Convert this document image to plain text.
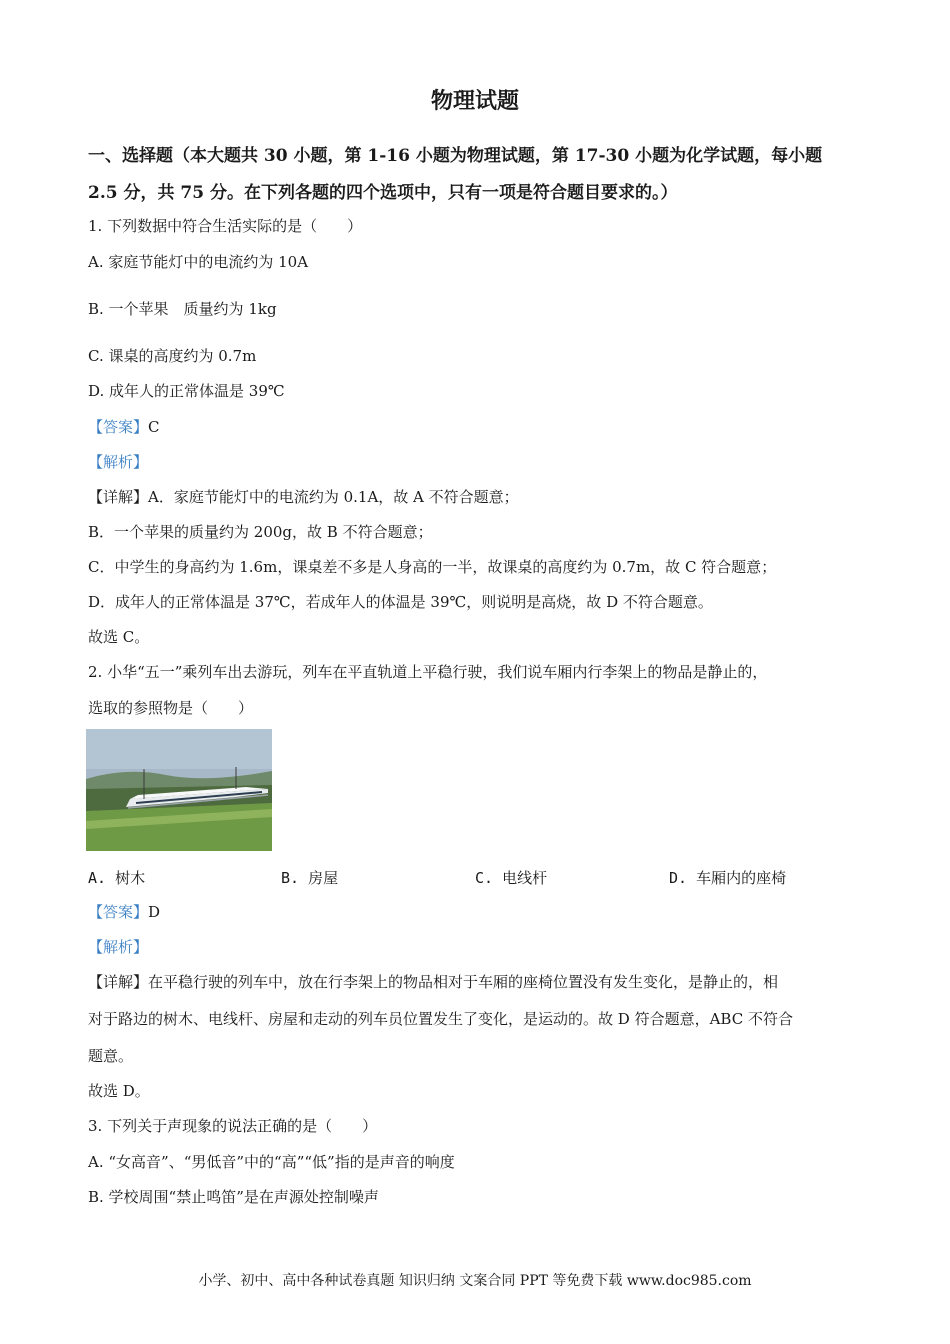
物理试题
一、选择题（本大题共 30 小题，第 1-16 小题为物理试题，第 17-30 小题为化学试题，每小题
2.5 分，共 75 分。在下列各题的四个选项中，只有一项是符合题目要求的。）
1. 下列数据中符合生活实际的是（　　）
A. 家庭节能灯中的电流约为 10A
B. 一个苹果　质量约为 1kg
C. 课桌的高度约为 0.7m
D. 成年人的正常体温是 39℃
【答案】C
【解析】
【详解】A．家庭节能灯中的电流约为 0.1A，故 A 不符合题意；
B．一个苹果的质量约为 200g，故 B 不符合题意；
C．中学生的身高约为 1.6m，课桌差不多是人身高的一半，故课桌的高度约为 0.7m，故 C 符合题意；
D．成年人的正常体温是 37℃，若成年人的体温是 39℃，则说明是高烧，故 D 不符合题意。
故选 C。
2. 小华“五一”乘列车出去游玩，列车在平直轨道上平稳行驶，我们说车厢内行李架上的物品是静止的，
选取的参照物是（　　）
A. 树木	B. 房屋	C. 电线杆	D. 车厢内的座椅
【答案】D
【解析】
【详解】在平稳行驶的列车中，放在行李架上的物品相对于车厢的座椅位置没有发生变化，是静止的，相
对于路边的树木、电线杆、房屋和走动的列车员位置发生了变化，是运动的。故 D 符合题意，ABC 不符合
题意。
故选 D。
3. 下列关于声现象的说法正确的是（　　）
A. “女高音”、“男低音”中的“高”“低”指的是声音的响度
B. 学校周围“禁止鸣笛”是在声源处控制噪声
小学、初中、高中各种试卷真题 知识归纳 文案合同 PPT 等免费下载 www.doc985.com
